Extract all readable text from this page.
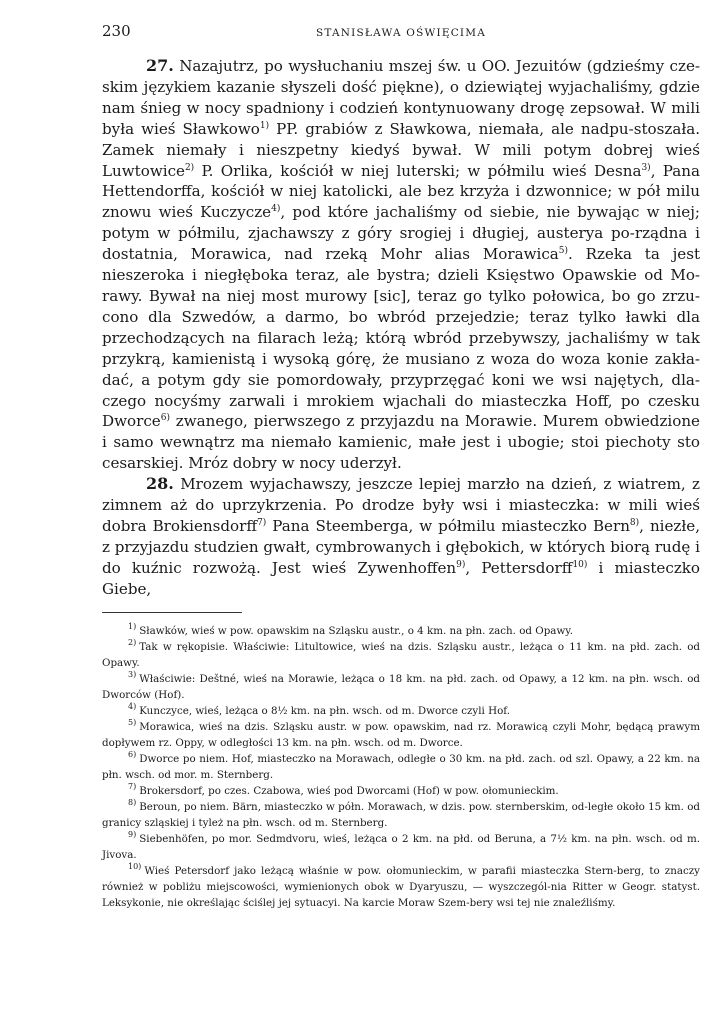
230	STANISŁAWA OŚWIĘCIMA

27. Nazajutrz, po wysłuchaniu mszej św. u OO. Jezuitów (gdzieśmy cze-skim językiem kazanie słyszeli dość piękne), o dziewiątej wyjachaliśmy, gdzie nam śnieg w nocy spadniony i codzień kontynuowany drogę zepsował. W mili była wieś Sławkowo$^{1)}$ PP. grabiów z Sławkowa, niemała, ale nadpu-stoszała. Zamek niemały i nieszpetny kiedyś bywał. W mili potym dobrej wieś Luwtowice$^{2)}$ P. Orlika, kościół w niej luterski; w półmilu wieś Desna$^{3)}$, Pana Hettendorffa, kościół w niej katolicki, ale bez krzyża i dzwonnice; w pół milu znowu wieś Kuczycze$^{4)}$, pod które jachaliśmy od siebie, nie bywając w niej; potym w półmilu, zjachawszy z góry srogiej i długiej, austerya po-rządna i dostatnia, Morawica, nad rzeką Mohr alias Morawica$^{5)}$. Rzeka ta jest nieszeroka i niegłęboka teraz, ale bystra; dzieli Księstwo Opawskie od Mo-rawy. Bywał na niej most murowy [sic], teraz go tylko połowica, bo go zrzu-cono dla Szwedów, a darmo, bo wbród przejedzie; teraz tylko ławki dla przechodzących na filarach leżą; którą wbród przebywszy, jachaliśmy w tak przykrą, kamienistą i wysoką górę, że musiano z woza do woza konie zakła-dać, a potym gdy sie pomordowały, przyprzęgać koni we wsi najętych, dla-czego nocyśmy zarwali i mrokiem wjachali do miasteczka Hoff, po czesku Dworce$^{6)}$ zwanego, pierwszego z przyjazdu na Morawie. Murem obwiedzione i samo wewnątrz ma niemało kamienic, małe jest i ubogie; stoi piechoty sto cesarskiej. Mróz dobry w nocy uderzył.

28. Mrozem wyjachawszy, jeszcze lepiej marzło na dzień, z wiatrem, z zimnem aż do uprzykrzenia. Po drodze były wsi i miasteczka: w mili wieś dobra Brokiensdorff$^{7)}$ Pana Steemberga, w półmilu miasteczko Bern$^{8)}$, niezłe, z przyjazdu studzien gwałt, cymbrowanych i głębokich, w których biorą rudę i do kuźnic rozwożą. Jest wieś Zywenhoffen$^{9)}$, Pettersdorff$^{10)}$ i miasteczko Giebe,

$^{1)}$ Sławków, wieś w pow. opawskim na Szląsku austr., o 4 km. na płn. zach. od Opawy.

$^{2)}$ Tak w rękopisie. Właściwie: Litultowice, wieś na dzis. Szląsku austr., leżąca o 11 km. na płd. zach. od Opawy.

$^{3)}$ Właściwie: Deštné, wieś na Morawie, leżąca o 18 km. na płd. zach. od Opawy, a 12 km. na płn. wsch. od Dworców (Hof).

$^{4)}$ Kunczyce, wieś, leżąca o 8½ km. na płn. wsch. od m. Dworce czyli Hof.

$^{5)}$ Morawica, wieś na dzis. Szląsku austr. w pow. opawskim, nad rz. Morawicą czyli Mohr, będącą prawym dopływem rz. Oppy, w odległości 13 km. na płn. wsch. od m. Dworce.

$^{6)}$ Dworce po niem. Hof, miasteczko na Morawach, odległe o 30 km. na płd. zach. od szl. Opawy, a 22 km. na płn. wsch. od mor. m. Sternberg.

$^{7)}$ Brokersdorf, po czes. Czabowa, wieś pod Dworcami (Hof) w pow. ołomunieckim.

$^{8)}$ Beroun, po niem. Bärn, miasteczko w półn. Morawach, w dzis. pow. sternberskim, od-ległe około 15 km. od granicy szląskiej i tyleż na płn. wsch. od m. Sternberg.

$^{9)}$ Siebenhöfen, po mor. Sedmdvoru, wieś, leżąca o 2 km. na płd. od Beruna, a 7½ km. na płn. wsch. od m. Jivova.

$^{10)}$ Wieś Petersdorf jako leżącą właśnie w pow. ołomunieckim, w parafii miasteczka Stern-berg, to znaczy również w pobliżu miejscowości, wymienionych obok w Dyaryuszu, — wyszczegól-nia Ritter w Geogr. statyst. Leksykonie, nie określając ściślej jej sytuacyi. Na karcie Moraw Szem-bery wsi tej nie znaleźliśmy.
